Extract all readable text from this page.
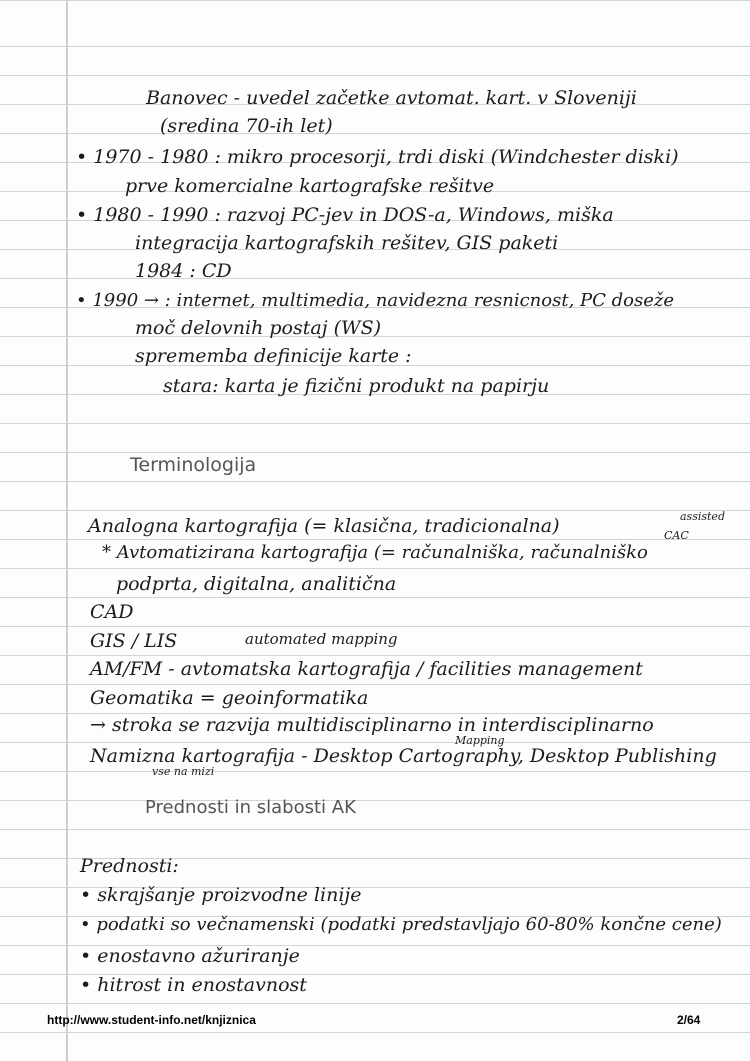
Banovec - uvedel začetke avtomat. kart. v Sloveniji
(sredina 70-ih let)
• 1970 - 1980 : mikro procesorji, trdi diski (Windchester diski)
prve komercialne kartografske rešitve
• 1980 - 1990 : razvoj PC-jev in DOS-a, Windows, miška
integracija kartografskih rešitev, GIS paketi
1984 : CD
• 1990 → : internet, multimedia, navidezna resnicnost, PC doseže
moč delovnih postaj (WS)
sprememba definicije karte :
stara: karta je fizični produkt na papirju
Terminologija
Analogna kartografija (= klasična, tradicionalna)	assisted
CAC
* Avtomatizirana kartografija (= računalniška, računalniško
podprta, digitalna, analitična
CAD
GIS / LIS	automated mapping
AM/FM - avtomatska kartografija / facilities management
Geomatika = geoinformatika
→ stroka se razvija multidisciplinarno in interdisciplinarno
Mapping
Namizna kartografija - Desktop Cartography, Desktop Publishing
vse na mizi
Prednosti in slabosti AK
Prednosti:
• skrajšanje proizvodne linije
• podatki so večnamenski (podatki predstavljajo 60-80% končne cene)
• enostavno ažuriranje
• hitrost in enostavnost
http://www.student-info.net/knjiznica	2/64
